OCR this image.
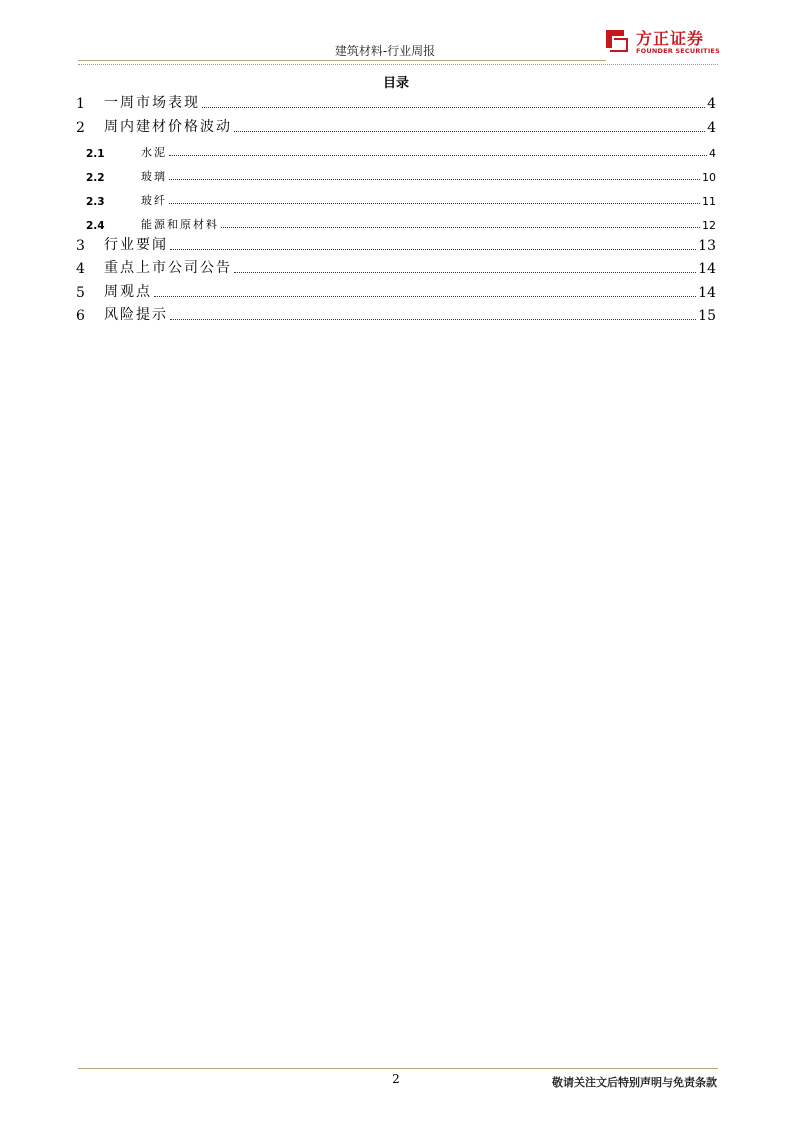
建筑材料-行业周报
方正证券
FOUNDER SECURITIES
目录
1	一周市场表现	4
2	周内建材价格波动	4
2.1	水泥	4
2.2	玻璃	10
2.3	玻纤	11
2.4	能源和原材料	12
3	行业要闻	13
4	重点上市公司公告	14
5	周观点	14
6	风险提示	15
2	敬请关注文后特别声明与免责条款
